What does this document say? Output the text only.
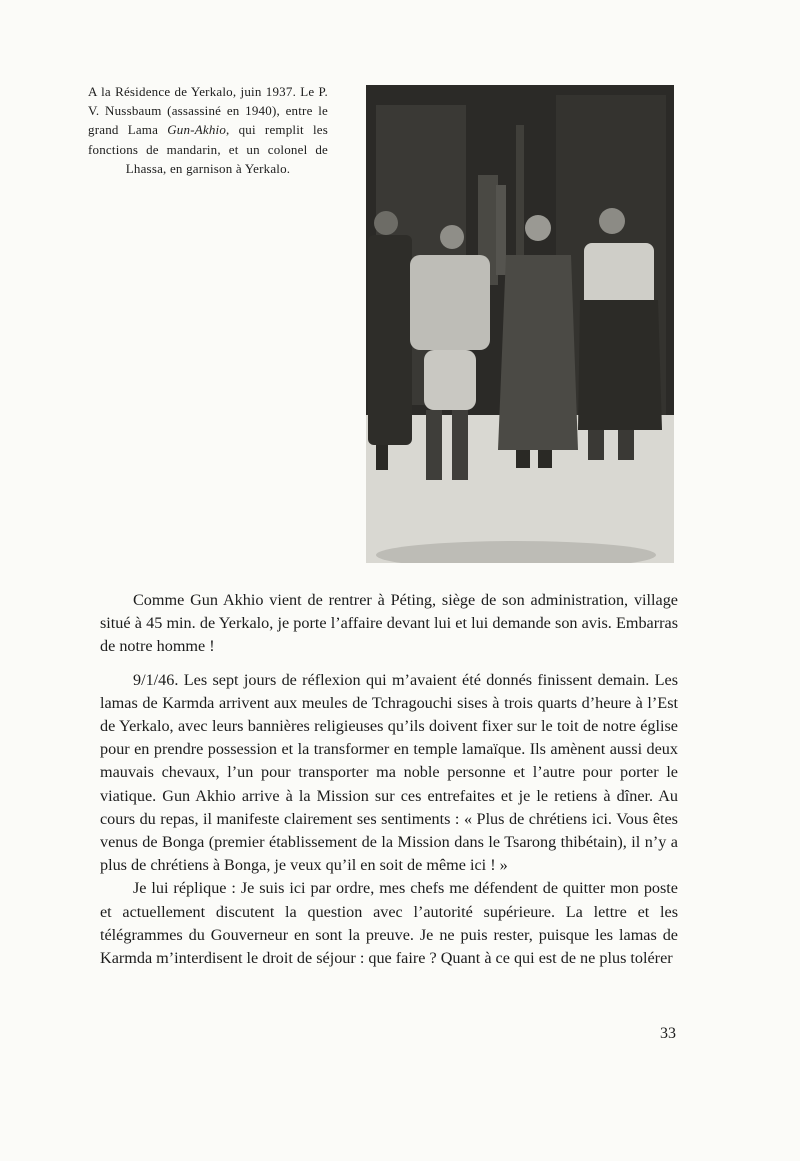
A la Résidence de Yerkalo, juin 1937. Le P. V. Nussbaum (assassiné en 1940), entre le grand Lama Gun-Akhio, qui remplit les fonctions de mandarin, et un colonel de Lhassa, en garnison à Yerkalo.

Comme Gun Akhio vient de rentrer à Péting, siège de son administration, village situé à 45 min. de Yerkalo, je porte l’affaire devant lui et lui demande son avis. Embarras de notre homme !

9/1/46. Les sept jours de réflexion qui m’avaient été donnés finissent demain. Les lamas de Karmda arrivent aux meules de Tchragouchi sises à trois quarts d’heure à l’Est de Yerkalo, avec leurs bannières religieuses qu’ils doivent fixer sur le toit de notre église pour en prendre possession et la transformer en temple lamaïque. Ils amènent aussi deux mauvais chevaux, l’un pour transporter ma noble personne et l’autre pour porter le viatique. Gun Akhio arrive à la Mission sur ces entrefaites et je le retiens à dîner. Au cours du repas, il manifeste clairement ses sentiments : « Plus de chrétiens ici. Vous êtes venus de Bonga (premier établissement de la Mission dans le Tsarong thibétain), il n’y a plus de chrétiens à Bonga, je veux qu’il en soit de même ici ! »

Je lui réplique : Je suis ici par ordre, mes chefs me défendent de quitter mon poste et actuellement discutent la question avec l’autorité supérieure. La lettre et les télégrammes du Gouverneur en sont la preuve. Je ne puis rester, puisque les lamas de Karmda m’interdisent le droit de séjour : que faire ? Quant à ce qui est de ne plus tolérer

33
